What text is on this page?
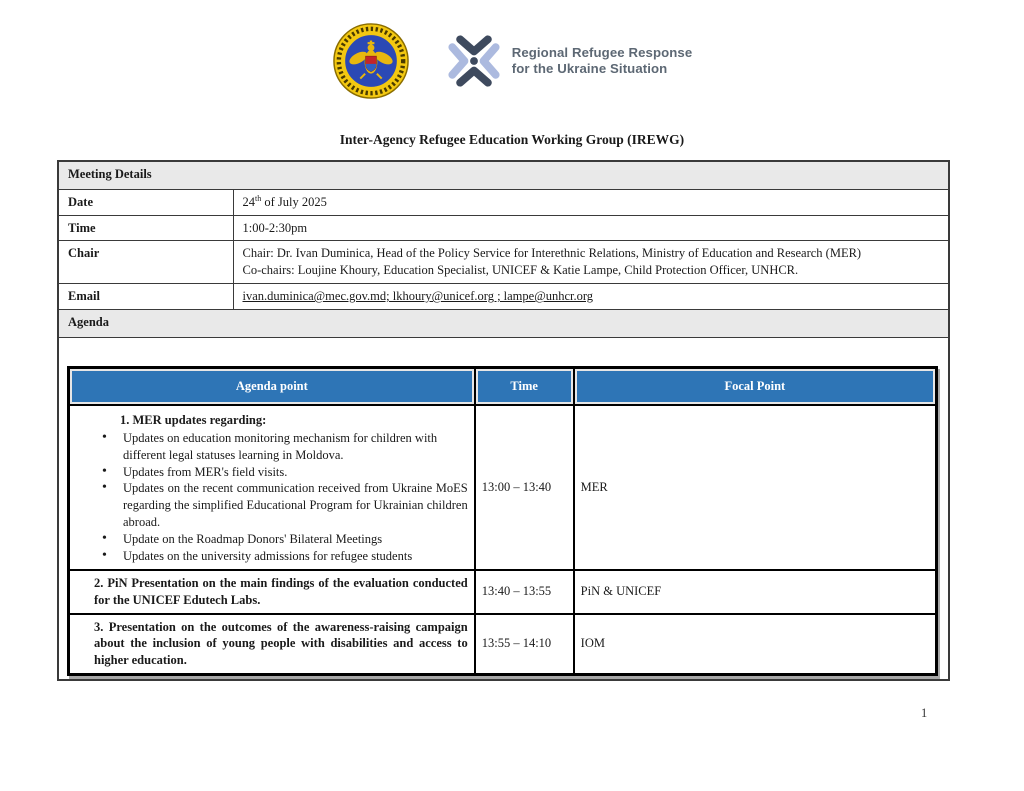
Regional Refugee Response
for the Ukraine Situation
Inter-Agency Refugee Education Working Group (IREWG)
Meeting Details
Date	24th of July 2025
Time	1:00-2:30pm
Chair	Chair: Dr. Ivan Duminica, Head of the Policy Service for Interethnic Relations, Ministry of Education and Research (MER)

Co-chairs: Loujine Khoury, Education Specialist, UNICEF & Katie Lampe, Child Protection Officer, UNHCR.

Email	ivan.duminica@mec.gov.md; lkhoury@unicef.org ; lampe@unhcr.org
Agenda

Agenda point	Time	Focal Point

1. MER updates regarding:
• Updates on education monitoring mechanism for children with different legal statuses learning in Moldova.
• Updates from MER's field visits.
• Updates on the recent communication received from Ukraine MoES regarding the simplified Educational Program for Ukrainian children abroad.
• Update on the Roadmap Donors' Bilateral Meetings
• Updates on the university admissions for refugee students
	13:00 – 13:40	MER

2. PiN Presentation on the main findings of the evaluation conducted for the UNICEF Edutech Labs.
	13:40 – 13:55	PiN & UNICEF

3. Presentation on the outcomes of the awareness-raising campaign about the inclusion of young people with disabilities and access to higher education.
	13:55 – 14:10	IOM
1
